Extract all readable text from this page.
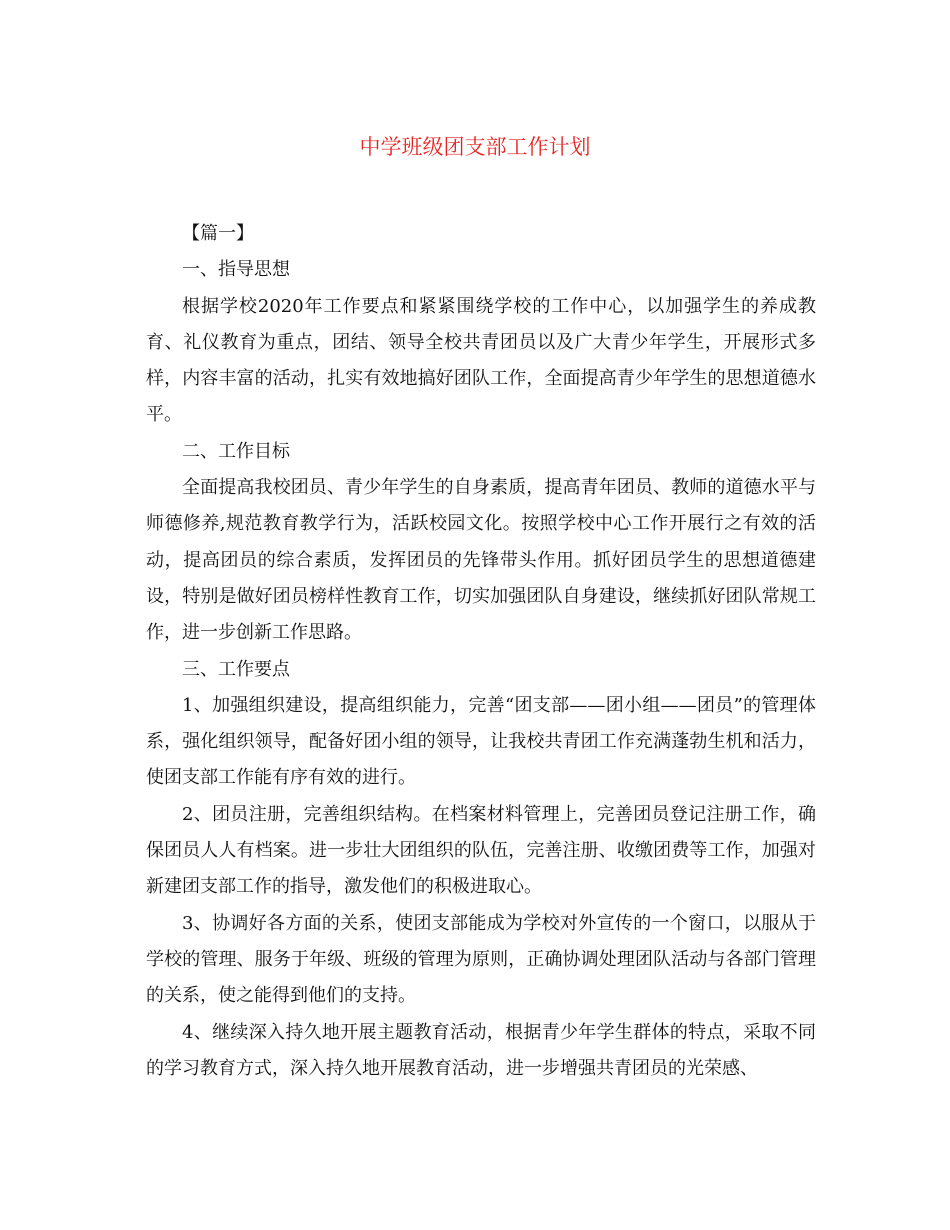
中学班级团支部工作计划

【篇一】

一、指导思想

根据学校2020年工作要点和紧紧围绕学校的工作中心，以加强学生的养成教育、礼仪教育为重点，团结、领导全校共青团员以及广大青少年学生，开展形式多样，内容丰富的活动，扎实有效地搞好团队工作，全面提高青少年学生的思想道德水平。

二、工作目标

全面提高我校团员、青少年学生的自身素质，提高青年团员、教师的道德水平与师德修养,规范教育教学行为，活跃校园文化。按照学校中心工作开展行之有效的活动，提高团员的综合素质，发挥团员的先锋带头作用。抓好团员学生的思想道德建设，特别是做好团员榜样性教育工作，切实加强团队自身建设，继续抓好团队常规工作，进一步创新工作思路。

三、工作要点

1、加强组织建设，提高组织能力，完善“团支部——团小组——团员”的管理体系，强化组织领导，配备好团小组的领导，让我校共青团工作充满蓬勃生机和活力，使团支部工作能有序有效的进行。

2、团员注册，完善组织结构。在档案材料管理上，完善团员登记注册工作，确保团员人人有档案。进一步壮大团组织的队伍，完善注册、收缴团费等工作，加强对新建团支部工作的指导，激发他们的积极进取心。

3、协调好各方面的关系，使团支部能成为学校对外宣传的一个窗口，以服从于学校的管理、服务于年级、班级的管理为原则，正确协调处理团队活动与各部门管理的关系，使之能得到他们的支持。

4、继续深入持久地开展主题教育活动，根据青少年学生群体的特点，采取不同的学习教育方式，深入持久地开展教育活动，进一步增强共青团员的光荣感、
